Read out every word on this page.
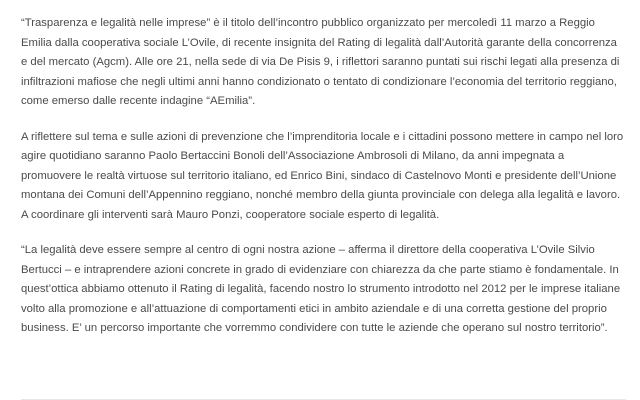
“Trasparenza e legalità nelle imprese” è il titolo dell’incontro pubblico organizzato per mercoledì 11 marzo a Reggio Emilia dalla cooperativa sociale L’Ovile, di recente insignita del Rating di legalità dall’Autorità garante della concorrenza e del mercato (Agcm). Alle ore 21, nella sede di via De Pisis 9, i riflettori saranno puntati sui rischi legati alla presenza di infiltrazioni mafiose che negli ultimi anni hanno condizionato o tentato di condizionare l’economia del territorio reggiano, come emerso dalle recente indagine “AEmilia”.

A riflettere sul tema e sulle azioni di prevenzione che l’imprenditoria locale e i cittadini possono mettere in campo nel loro agire quotidiano saranno Paolo Bertaccini Bonoli dell’Associazione Ambrosoli di Milano, da anni impegnata a promuovere le realtà virtuose sul territorio italiano, ed Enrico Bini, sindaco di Castelnovo Monti e presidente dell’Unione montana dei Comuni dell’Appennino reggiano, nonché membro della giunta provinciale con delega alla legalità e lavoro. A coordinare gli interventi sarà Mauro Ponzi, cooperatore sociale esperto di legalità.

“La legalità deve essere sempre al centro di ogni nostra azione – afferma il direttore della cooperativa L’Ovile Silvio Bertucci – e intraprendere azioni concrete in grado di evidenziare con chiarezza da che parte stiamo è fondamentale. In quest’ottica abbiamo ottenuto il Rating di legalità, facendo nostro lo strumento introdotto nel 2012 per le imprese italiane volto alla promozione e all’attuazione di comportamenti etici in ambito aziendale e di una corretta gestione del proprio business. E’ un percorso importante che vorremmo condividere con tutte le aziende che operano sul nostro territorio”.
